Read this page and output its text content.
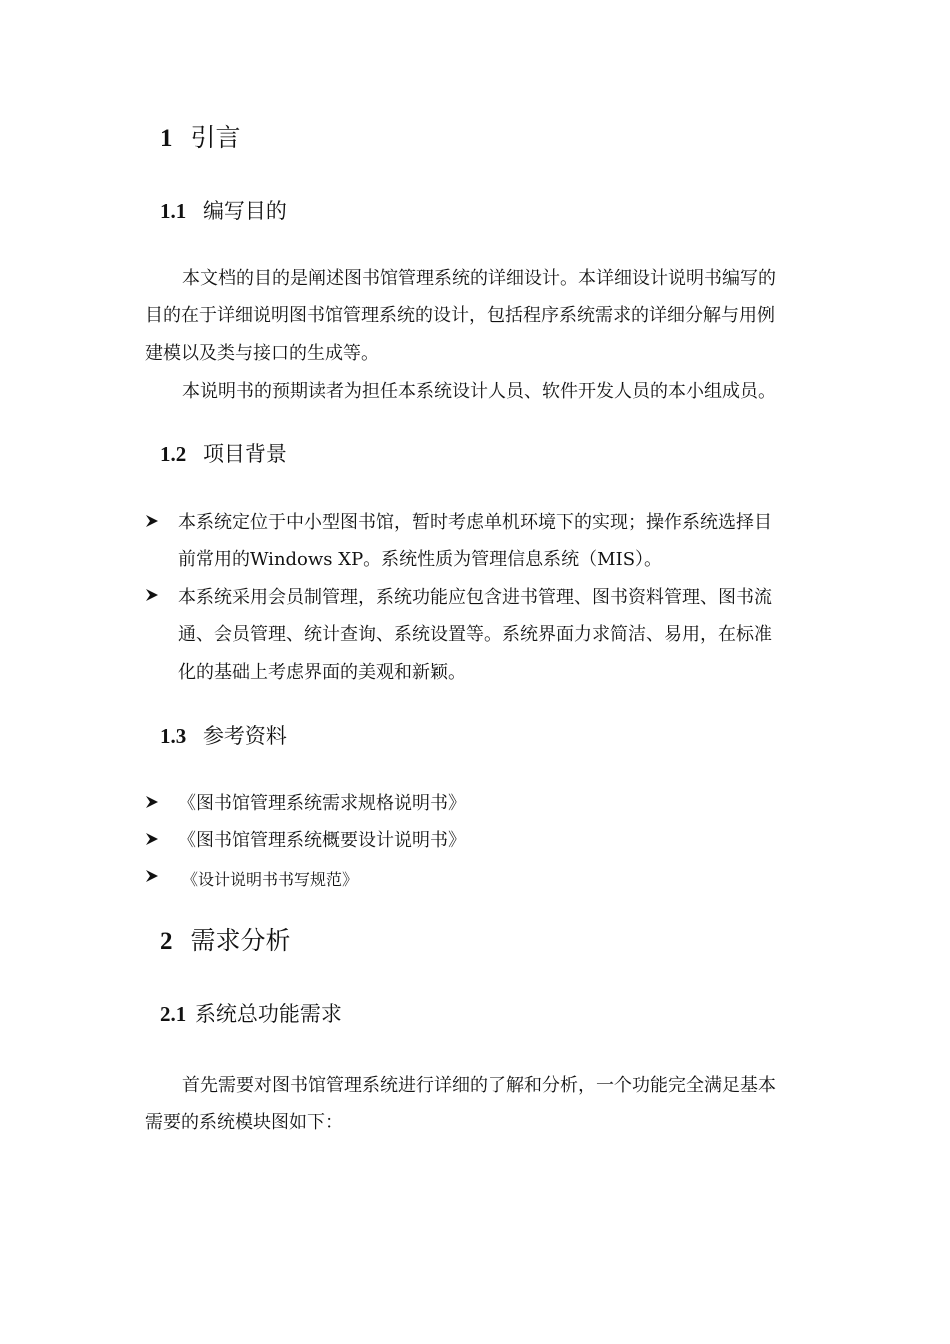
1 引言
1.1 编写目的
本文档的目的是阐述图书馆管理系统的详细设计。本详细设计说明书编写的
目的在于详细说明图书馆管理系统的设计，包括程序系统需求的详细分解与用例
建模以及类与接口的生成等。
本说明书的预期读者为担任本系统设计人员、软件开发人员的本小组成员。
1.2 项目背景
本系统定位于中小型图书馆，暂时考虑单机环境下的实现；操作系统选择目
前常用的Windows XP。系统性质为管理信息系统（MIS）。
本系统采用会员制管理，系统功能应包含进书管理、图书资料管理、图书流
通、会员管理、统计查询、系统设置等。系统界面力求简洁、易用，在标准
化的基础上考虑界面的美观和新颖。
1.3 参考资料
《图书馆管理系统需求规格说明书》
《图书馆管理系统概要设计说明书》
《设计说明书书写规范》
2 需求分析
2.1 系统总功能需求
首先需要对图书馆管理系统进行详细的了解和分析，一个功能完全满足基本
需要的系统模块图如下：
